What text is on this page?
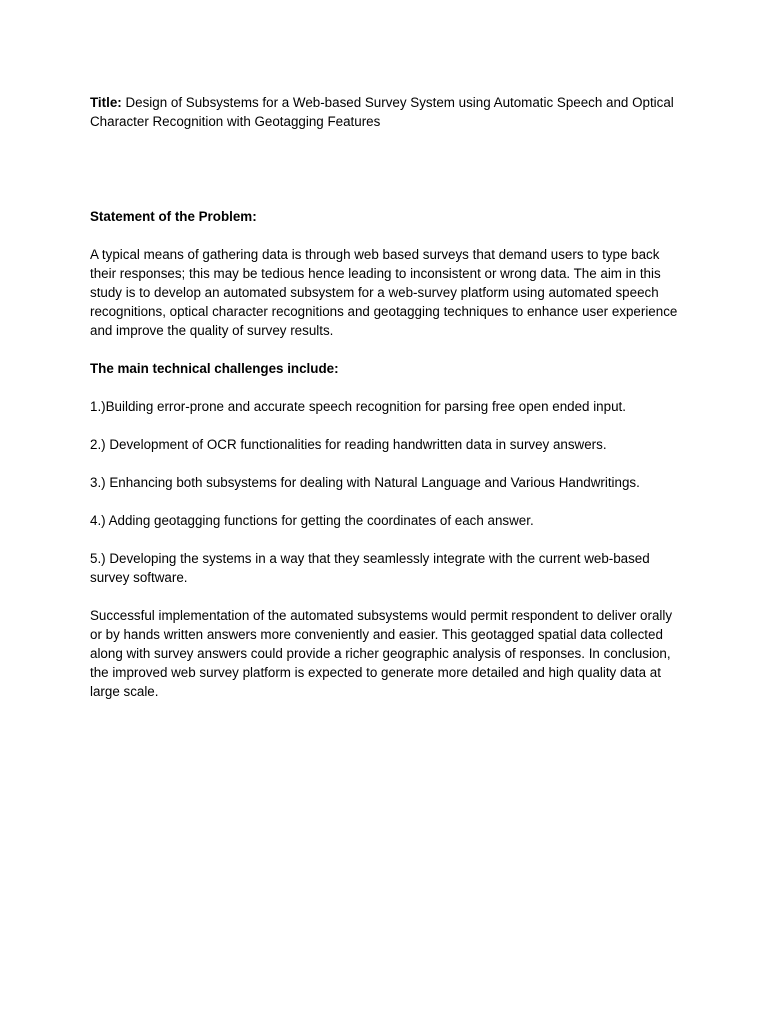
Title: Design of Subsystems for a Web-based Survey System using Automatic Speech and Optical Character Recognition with Geotagging Features

Statement of the Problem:

A typical means of gathering data is through web based surveys that demand users to type back their responses; this may be tedious hence leading to inconsistent or wrong data. The aim in this study is to develop an automated subsystem for a web-survey platform using automated speech recognitions, optical character recognitions and geotagging techniques to enhance user experience and improve the quality of survey results.

The main technical challenges include:

1.)Building error-prone and accurate speech recognition for parsing free open ended input.

2.) Development of OCR functionalities for reading handwritten data in survey answers.

3.) Enhancing both subsystems for dealing with Natural Language and Various Handwritings.

4.) Adding geotagging functions for getting the coordinates of each answer.

5.) Developing the systems in a way that they seamlessly integrate with the current web-based survey software.

Successful implementation of the automated subsystems would permit respondent to deliver orally or by hands written answers more conveniently and easier. This geotagged spatial data collected along with survey answers could provide a richer geographic analysis of responses. In conclusion, the improved web survey platform is expected to generate more detailed and high quality data at large scale.
